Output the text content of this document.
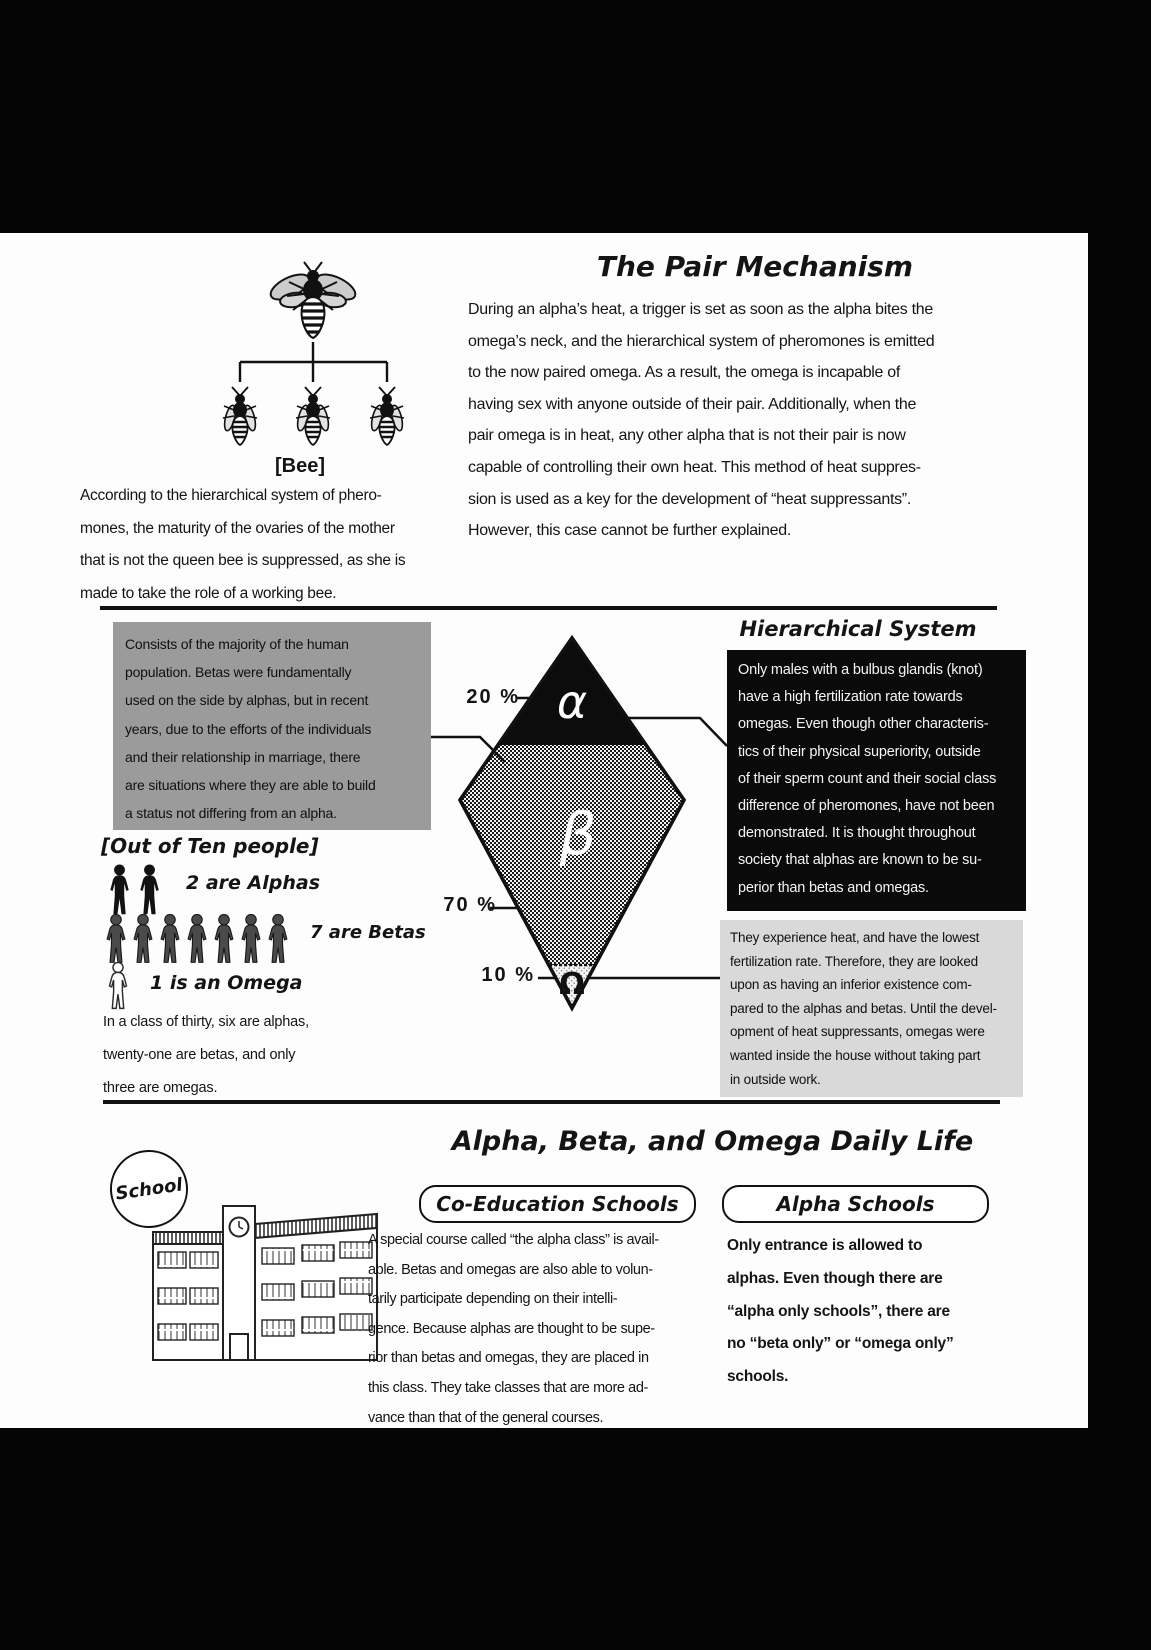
[Bee]
According to the hierarchical system of phero-
mones, the maturity of the ovaries of the mother
that is not the queen bee is suppressed, as she is
made to take the role of a working bee.
The Pair Mechanism
During an alpha’s heat, a trigger is set as soon as the alpha bites the
omega’s neck, and the hierarchical system of pheromones is emitted
to the now paired omega. As a result, the omega is incapable of
having sex with anyone outside of their pair. Additionally, when the
pair omega is in heat, any other alpha that is not their pair is now
capable of controlling their own heat. This method of heat suppres-
sion is used as a key for the development of “heat suppressants”.
However, this case cannot be further explained.
Hierarchical System
Consists of the majority of the human
population. Betas were fundamentally
used on the side by alphas, but in recent
years, due to the efforts of the individuals
and their relationship in marriage, there
are situations where they are able to build
a status not differing from an alpha.
Only males with a bulbus glandis (knot)
have a high fertilization rate towards
omegas. Even though other characteris-
tics of their physical superiority, outside
of their sperm count and their social class
difference of pheromones, have not been
demonstrated. It is thought throughout
society that alphas are known to be su-
perior than betas and omegas.
They experience heat, and have the lowest
fertilization rate. Therefore, they are looked
upon as having an inferior existence com-
pared to the alphas and betas. Until the devel-
opment of heat suppressants, omegas were
wanted inside the house without taking part
in outside work.
α
β
Ω
20 %
70 %
10 %
[Out of Ten people]
2 are Alphas
7 are Betas
1 is an Omega
In a class of thirty, six are alphas,
twenty-one are betas, and only
three are omegas.
Alpha, Beta, and Omega Daily Life
School	Co-Education Schools
A special course called “the alpha class” is avail-
able. Betas and omegas are also able to volun-
tarily participate depending on their intelli-
gence. Because alphas are thought to be supe-
rior than betas and omegas, they are placed in
this class. They take classes that are more ad-
vance than that of the general courses.
Alpha Schools
Only entrance is allowed to
alphas. Even though there are
“alpha only schools”, there are
no “beta only” or “omega only”
schools.
